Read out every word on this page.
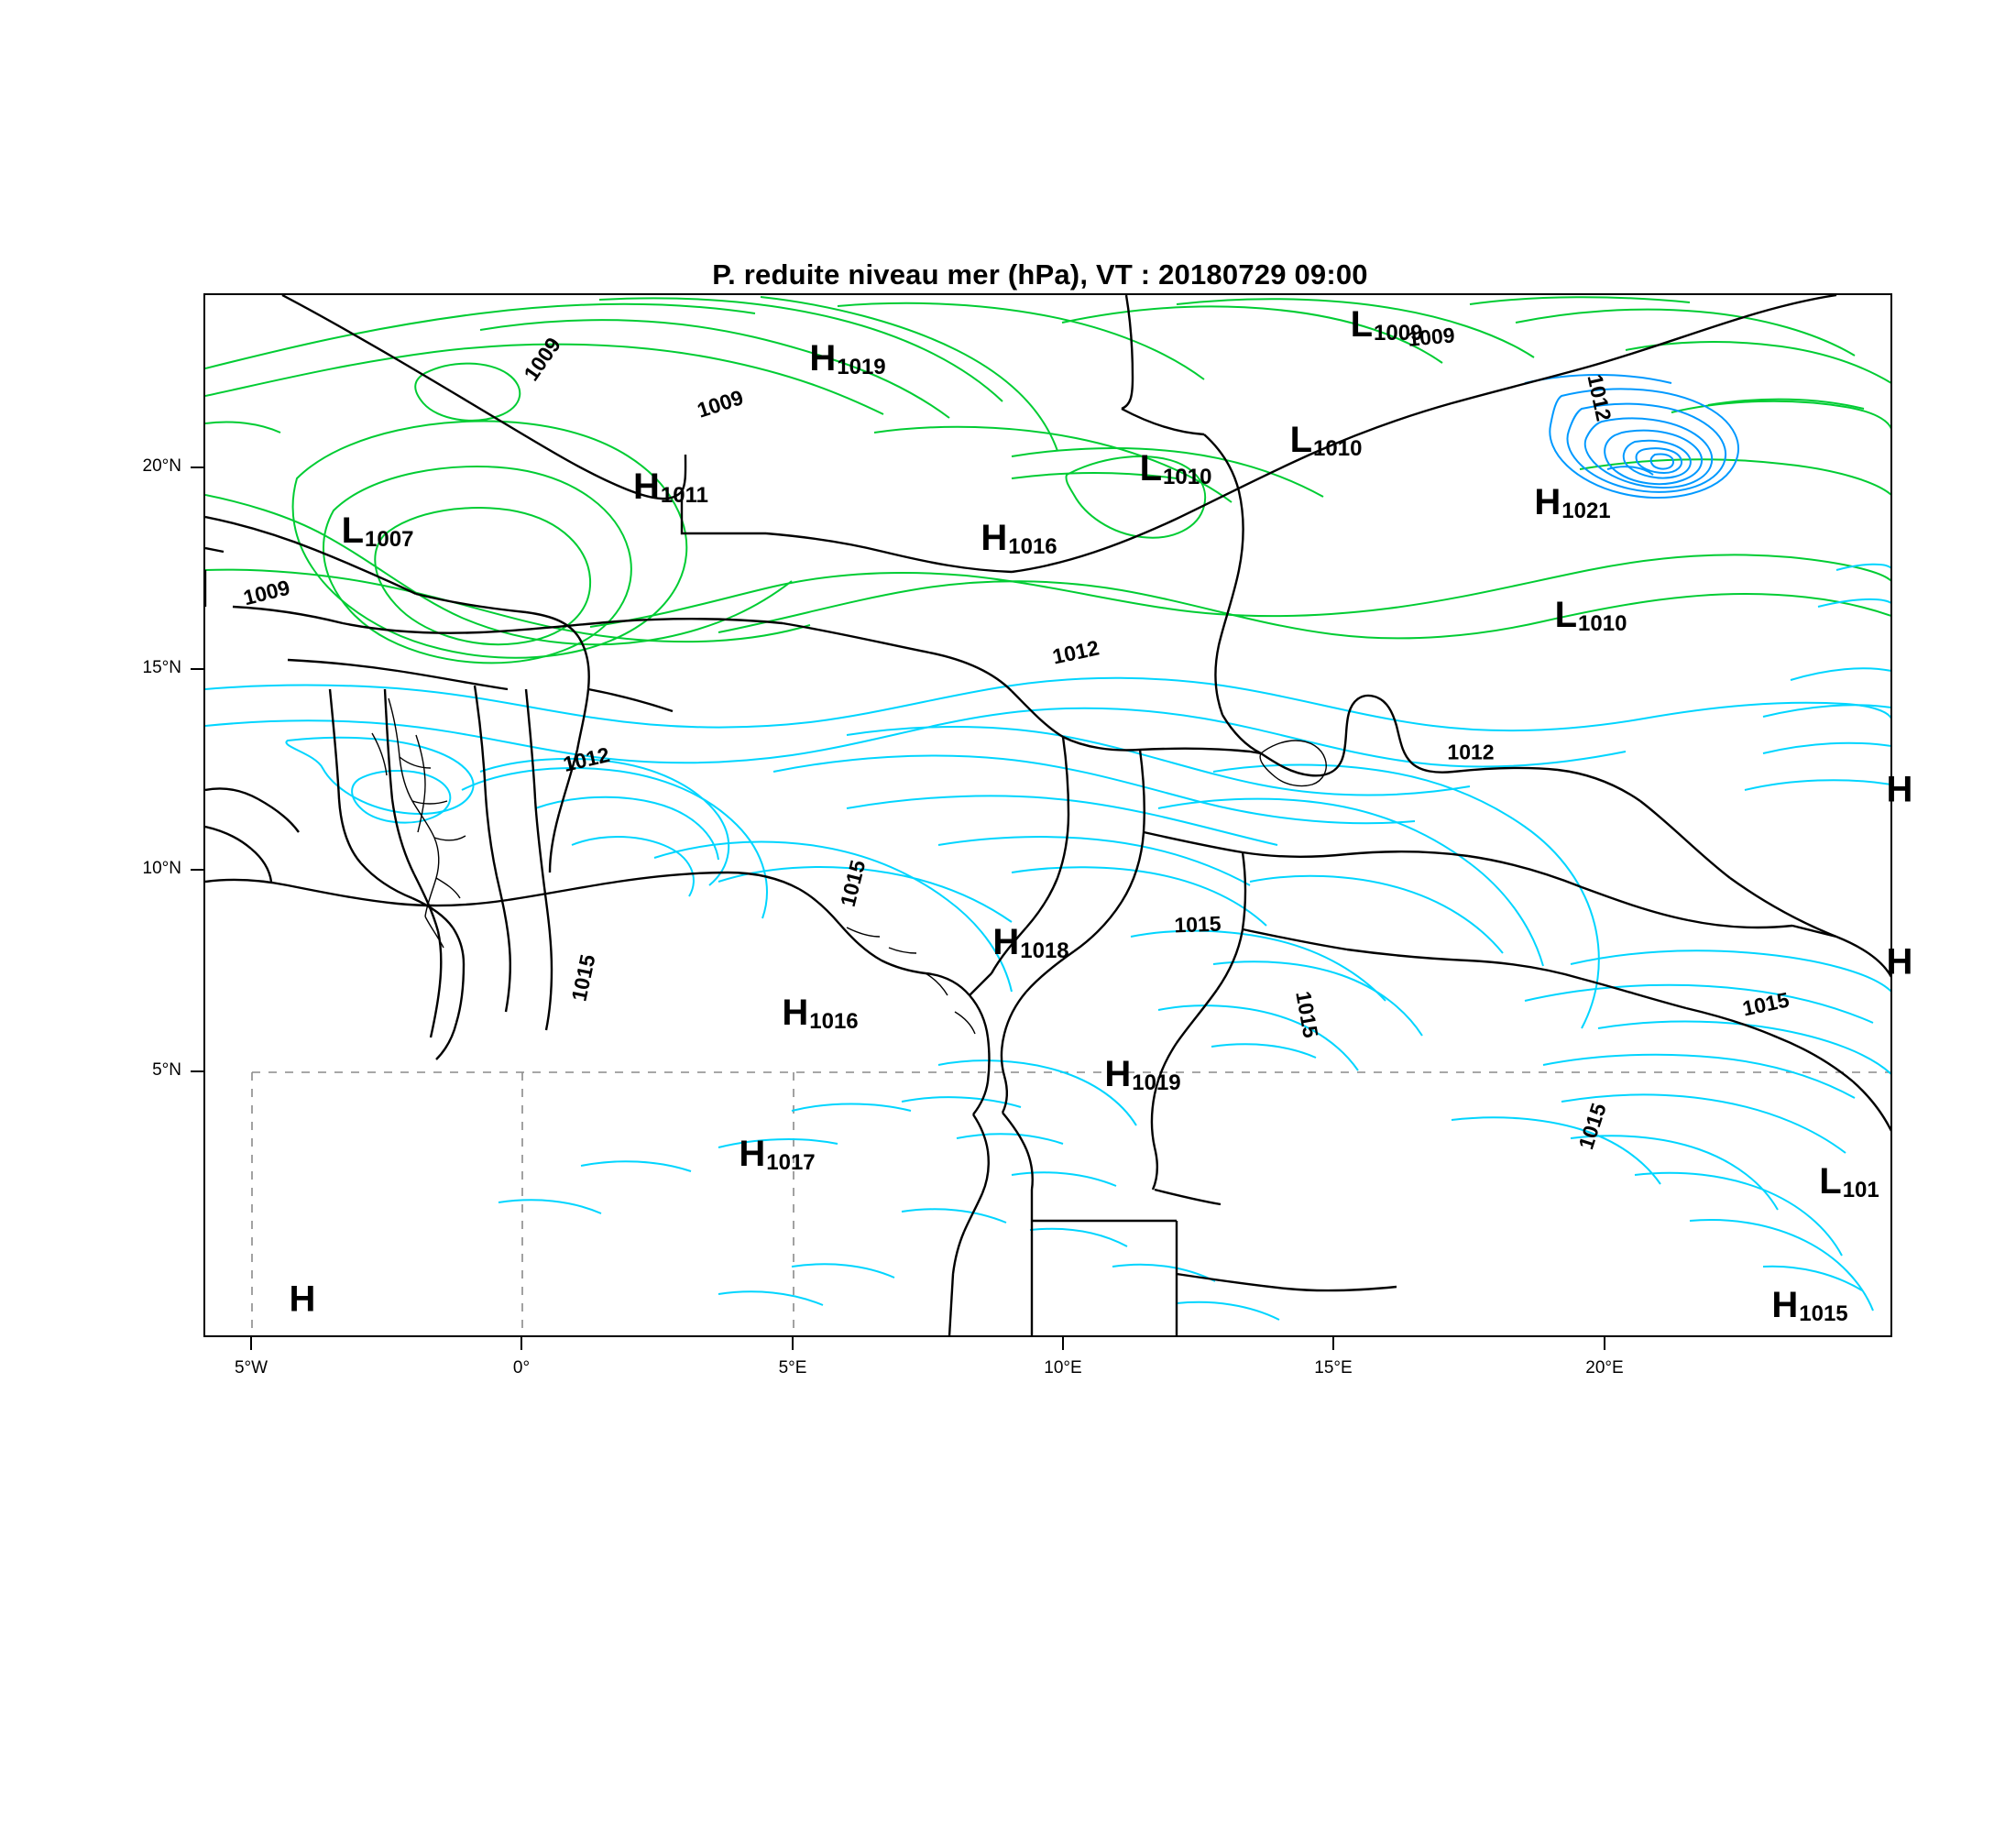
P. reduite niveau mer (hPa), VT : 20180729 09:00
20°N
15°N
10°N
5°N
5°W	0°	5°E	10°E	15°E	20°E
1009
1009
1009
1009
1012
1012
1012
1012
1015
1015
1015
1015	1015
1015
L1007
H1011
H1019
H1016
L1010
L1010
L1009
H1021
L1010
H
H
H1018
H1016
H1019
H1017	L101
H	H1015
